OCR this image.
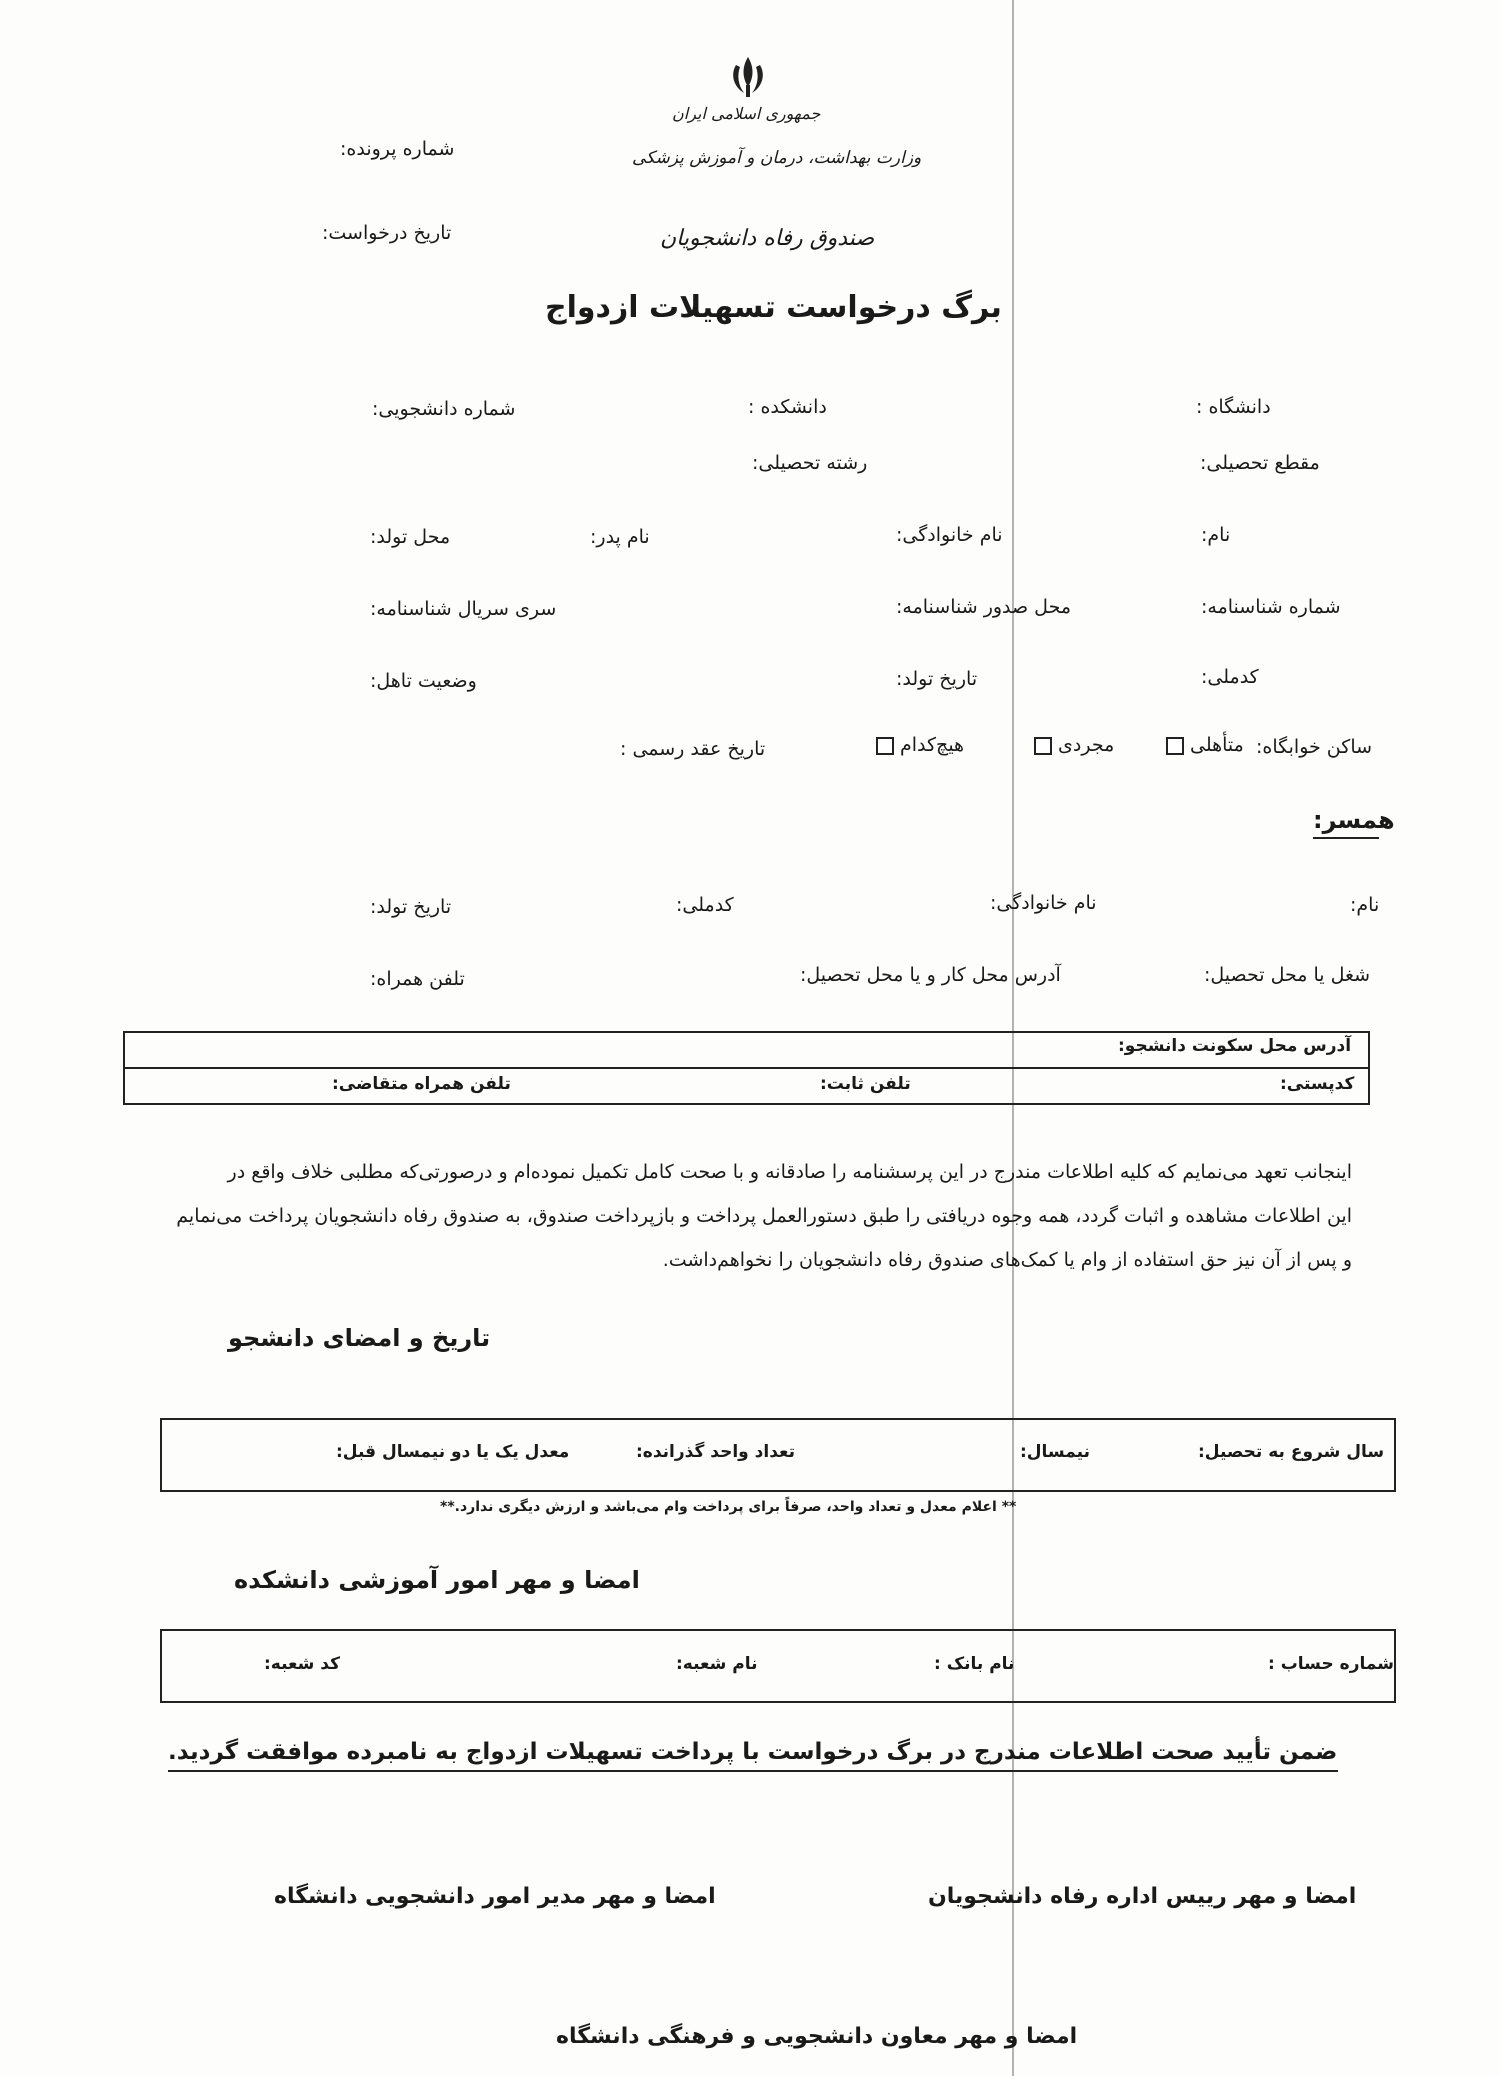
جمهوری اسلامی ایران
وزارت بهداشت، درمان و آموزش پزشکی
صندوق رفاه دانشجویان
شماره پرونده:
تاریخ درخواست:
برگ درخواست تسهیلات ازدواج
دانشگاه :
دانشکده :
شماره دانشجویی:
مقطع تحصیلی:
رشته تحصیلی:
نام:
نام خانوادگی:
نام پدر:
محل تولد:
شماره شناسنامه:
محل صدور شناسنامه:
سری سریال شناسنامه:
کدملی:
تاریخ تولد:
وضعیت تاهل:
ساکن خوابگاه:
متأهلی
مجردی
هیچ‌کدام
تاریخ عقد رسمی :
همسر:
نام:
نام خانوادگی:
کدملی:
تاریخ تولد:
شغل یا محل تحصیل:
آدرس محل کار و یا محل تحصیل:
تلفن همراه:
آدرس محل سکونت دانشجو:
کدپستی:
تلفن ثابت:
تلفن همراه متقاضی:
اینجانب تعهد می‌نمایم که کلیه اطلاعات مندرج در این پرسشنامه را صادقانه و با صحت کامل تکمیل نموده‌ام و درصورتی‌که مطلبی خلاف واقع در
این اطلاعات مشاهده و اثبات گردد، همه وجوه دریافتی را طبق دستورالعمل پرداخت و بازپرداخت صندوق، به صندوق رفاه دانشجویان پرداخت می‌نمایم
و پس از آن نیز حق استفاده از وام یا کمک‌های صندوق رفاه دانشجویان را نخواهم‌داشت.
تاریخ و امضای دانشجو
سال شروع به تحصیل:
نیمسال:
تعداد واحد گذرانده:
معدل یک یا دو نیمسال قبل:
** اعلام معدل و تعداد واحد، صرفاً برای پرداخت وام می‌باشد و ارزش دیگری ندارد.**
امضا و مهر امور آموزشی دانشکده
شماره حساب :
نام بانک :
نام شعبه:
کد شعبه:
ضمن تأیید صحت اطلاعات مندرج در برگ درخواست با پرداخت تسهیلات ازدواج به نامبرده موافقت گردید.
امضا و مهر رییس اداره رفاه دانشجویان
امضا و مهر مدیر امور دانشجویی دانشگاه
امضا و مهر معاون دانشجویی و فرهنگی دانشگاه
